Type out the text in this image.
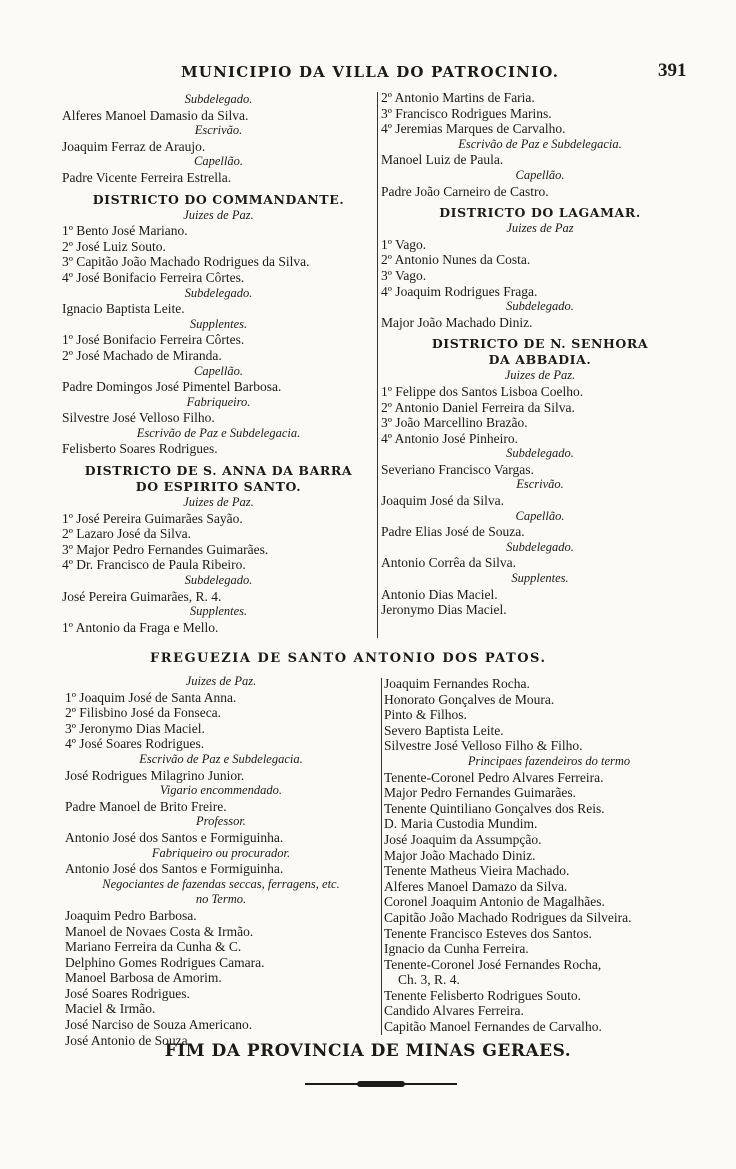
MUNICIPIO DA VILLA DO PATROCINIO.	391
Subdelegado.
Alferes Manoel Damasio da Silva.
Escrivão.
Joaquim Ferraz de Araujo.
Capellão.
Padre Vicente Ferreira Estrella.
DISTRICTO DO COMMANDANTE.
Juizes de Paz.
1º Bento José Mariano.
2º José Luiz Souto.
3º Capitão João Machado Rodrigues da Silva.
4º José Bonifacio Ferreira Côrtes.
Subdelegado.
Ignacio Baptista Leite.
Supplentes.
1º José Bonifacio Ferreira Côrtes.
2º José Machado de Miranda.
Capellão.
Padre Domingos José Pimentel Barbosa.
Fabriqueiro.
Silvestre José Velloso Filho.
Escrivão de Paz e Subdelegacia.
Felisberto Soares Rodrigues.
DISTRICTO DE S. ANNA DA BARRA
DO ESPIRITO SANTO.
Juizes de Paz.
1º José Pereira Guimarães Sayão.
2º Lazaro José da Silva.
3º Major Pedro Fernandes Guimarães.
4º Dr. Francisco de Paula Ribeiro.
Subdelegado.
José Pereira Guimarães, R. 4.
Supplentes.
1º Antonio da Fraga e Mello.
2º Antonio Martins de Faria.
3º Francisco Rodrigues Marins.
4º Jeremias Marques de Carvalho.
Escrivão de Paz e Subdelegacia.
Manoel Luiz de Paula.
Capellão.
Padre João Carneiro de Castro.
DISTRICTO DO LAGAMAR.
Juizes de Paz
1º Vago.
2º Antonio Nunes da Costa.
3º Vago.
4º Joaquim Rodrigues Fraga.
Subdelegado.
Major João Machado Diniz.
DISTRICTO DE N. SENHORA
DA ABBADIA.
Juizes de Paz.
1º Felippe dos Santos Lisboa Coelho.
2º Antonio Daniel Ferreira da Silva.
3º João Marcellino Brazão.
4º Antonio José Pinheiro.
Subdelegado.
Severiano Francisco Vargas.
Escrivão.
Joaquim José da Silva.
Capellão.
Padre Elias José de Souza.
Subdelegado.
Antonio Corrêa da Silva.
Supplentes.
Antonio Dias Maciel.
Jeronymo Dias Maciel.
FREGUEZIA DE SANTO ANTONIO DOS PATOS.
Juizes de Paz.
1º Joaquim José de Santa Anna.
2º Filisbino José da Fonseca.
3º Jeronymo Dias Maciel.
4º José Soares Rodrigues.
Escrivão de Paz e Subdelegacia.
José Rodrigues Milagrino Junior.
Vigario encommendado.
Padre Manoel de Brito Freire.
Professor.
Antonio José dos Santos e Formiguinha.
Fabriqueiro ou procurador.
Antonio José dos Santos e Formiguinha.
Negociantes de fazendas seccas, ferragens, etc.
no Termo.
Joaquim Pedro Barbosa.
Manoel de Novaes Costa & Irmão.
Mariano Ferreira da Cunha & C.
Delphino Gomes Rodrigues Camara.
Manoel Barbosa de Amorim.
José Soares Rodrigues.
Maciel & Irmão.
José Narciso de Souza Americano.
José Antonio de Souza.
Joaquim Fernandes Rocha.
Honorato Gonçalves de Moura.
Pinto & Filhos.
Severo Baptista Leite.
Silvestre José Velloso Filho & Filho.
Principaes fazendeiros do termo
Tenente-Coronel Pedro Alvares Ferreira.
Major Pedro Fernandes Guimarães.
Tenente Quintiliano Gonçalves dos Reis.
D. Maria Custodia Mundim.
José Joaquim da Assumpção.
Major João Machado Diniz.
Tenente Matheus Vieira Machado.
Alferes Manoel Damazo da Silva.
Coronel Joaquim Antonio de Magalhães.
Capitão João Machado Rodrigues da Silveira.
Tenente Francisco Esteves dos Santos.
Ignacio da Cunha Ferreira.
Tenente-Coronel José Fernandes Rocha,
Ch. 3, R. 4.
Tenente Felisberto Rodrigues Souto.
Candido Alvares Ferreira.
Capitão Manoel Fernandes de Carvalho.
FIM DA PROVINCIA DE MINAS GERAES.
